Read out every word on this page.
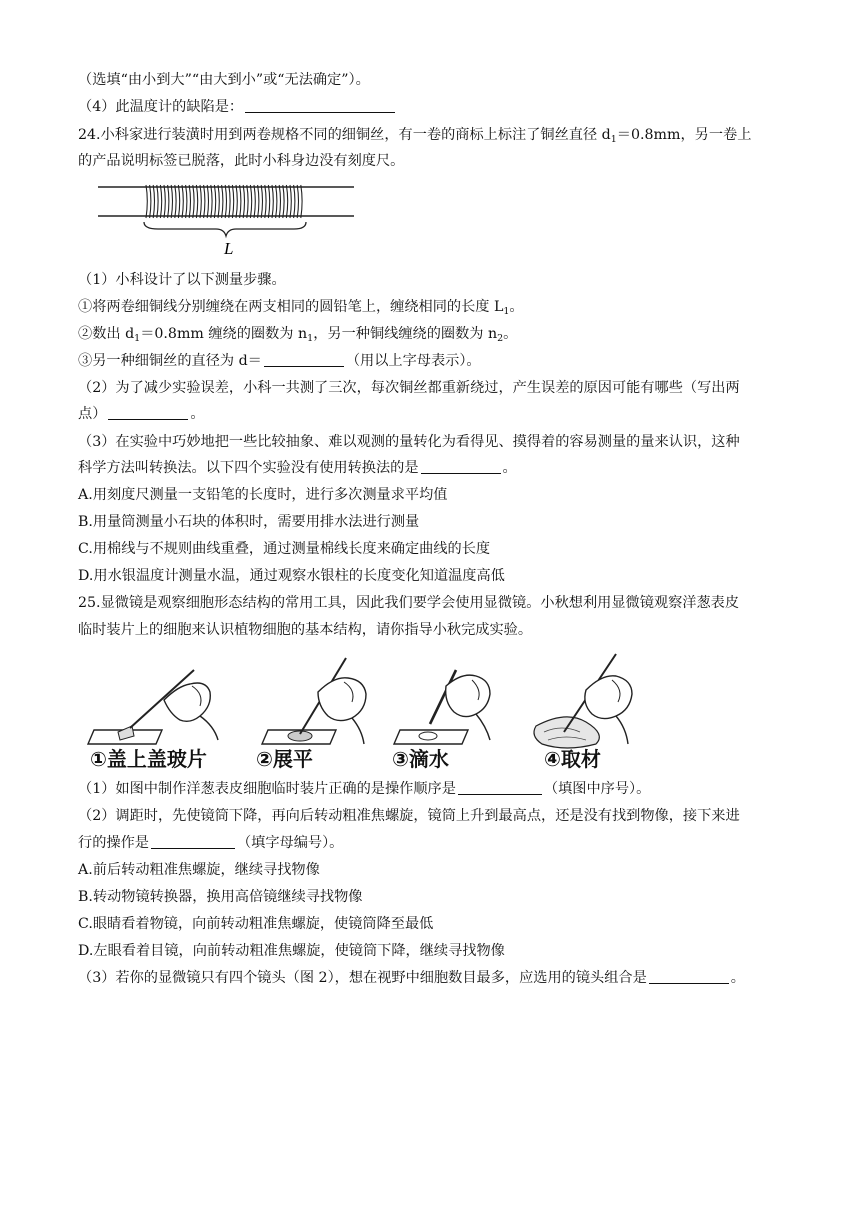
（选填“由小到大”“由大到小”或“无法确定”）。
（4）此温度计的缺陷是：
24.小科家进行装潢时用到两卷规格不同的细铜丝，有一卷的商标上标注了铜丝直径 $d_1=0.8mm$，另一卷上
的产品说明标签已脱落，此时小科身边没有刻度尺。
L
（1）小科设计了以下测量步骤。
①将两卷细铜线分别缠绕在两支相同的圆铅笔上，缠绕相同的长度 $L_1$。
②数出 $d_1=0.8mm$ 缠绕的圈数为 $n_1$，另一种铜线缠绕的圈数为 $n_2$。
③另一种细铜丝的直径为 d＝	（用以上字母表示）。
（2）为了减少实验误差，小科一共测了三次，每次铜丝都重新绕过，产生误差的原因可能有哪些（写出两
点）	。
（3）在实验中巧妙地把一些比较抽象、难以观测的量转化为看得见、摸得着的容易测量的量来认识，这种
科学方法叫转换法。以下四个实验没有使用转换法的是	。
A.用刻度尺测量一支铅笔的长度时，进行多次测量求平均值
B.用量筒测量小石块的体积时，需要用排水法进行测量
C.用棉线与不规则曲线重叠，通过测量棉线长度来确定曲线的长度
D.用水银温度计测量水温，通过观察水银柱的长度变化知道温度高低
25.显微镜是观察细胞形态结构的常用工具，因此我们要学会使用显微镜。小秋想利用显微镜观察洋葱表皮
临时装片上的细胞来认识植物细胞的基本结构，请你指导小秋完成实验。
①盖上盖玻片 ②展平	③滴水	④取材
（1）如图中制作洋葱表皮细胞临时装片正确的是操作顺序是	（填图中序号）。
（2）调距时，先使镜筒下降，再向后转动粗准焦螺旋，镜筒上升到最高点，还是没有找到物像，接下来进
行的操作是	（填字母编号）。
A.前后转动粗准焦螺旋，继续寻找物像
B.转动物镜转换器，换用高倍镜继续寻找物像
C.眼睛看着物镜，向前转动粗准焦螺旋，使镜筒降至最低
D.左眼看着目镜，向前转动粗准焦螺旋，使镜筒下降，继续寻找物像
（3）若你的显微镜只有四个镜头（图 2），想在视野中细胞数目最多，应选用的镜头组合是	。
